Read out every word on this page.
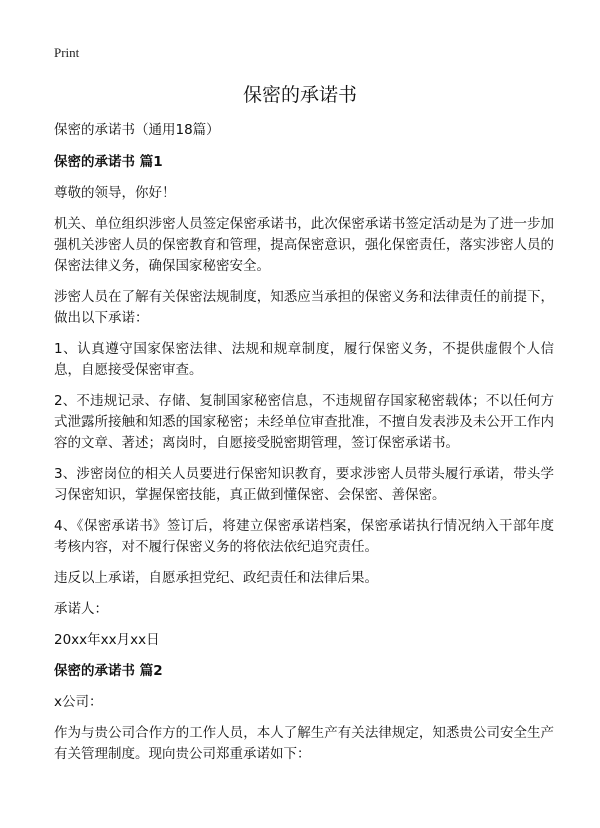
Print
保密的承诺书

保密的承诺书（通用18篇）

保密的承诺书 篇1

尊敬的领导，你好！

机关、单位组织涉密人员签定保密承诺书，此次保密承诺书签定活动是为了进一步加强机关涉密人员的保密教育和管理，提高保密意识，强化保密责任，落实涉密人员的保密法律义务，确保国家秘密安全。

涉密人员在了解有关保密法规制度，知悉应当承担的保密义务和法律责任的前提下，做出以下承诺：

1、认真遵守国家保密法律、法规和规章制度，履行保密义务，不提供虚假个人信息，自愿接受保密审查。

2、不违规记录、存储、复制国家秘密信息，不违规留存国家秘密载体；不以任何方式泄露所接触和知悉的国家秘密；未经单位审查批准，不擅自发表涉及未公开工作内容的文章、著述；离岗时，自愿接受脱密期管理，签订保密承诺书。

3、涉密岗位的相关人员要进行保密知识教育，要求涉密人员带头履行承诺，带头学习保密知识，掌握保密技能，真正做到懂保密、会保密、善保密。

4、《保密承诺书》签订后，将建立保密承诺档案，保密承诺执行情况纳入干部年度考核内容，对不履行保密义务的将依法依纪追究责任。

违反以上承诺，自愿承担党纪、政纪责任和法律后果。

承诺人：

20xx年xx月xx日

保密的承诺书 篇2

x公司：

作为与贵公司合作方的工作人员，本人了解生产有关法律规定，知悉贵公司安全生产有关管理制度。现向贵公司郑重承诺如下：
